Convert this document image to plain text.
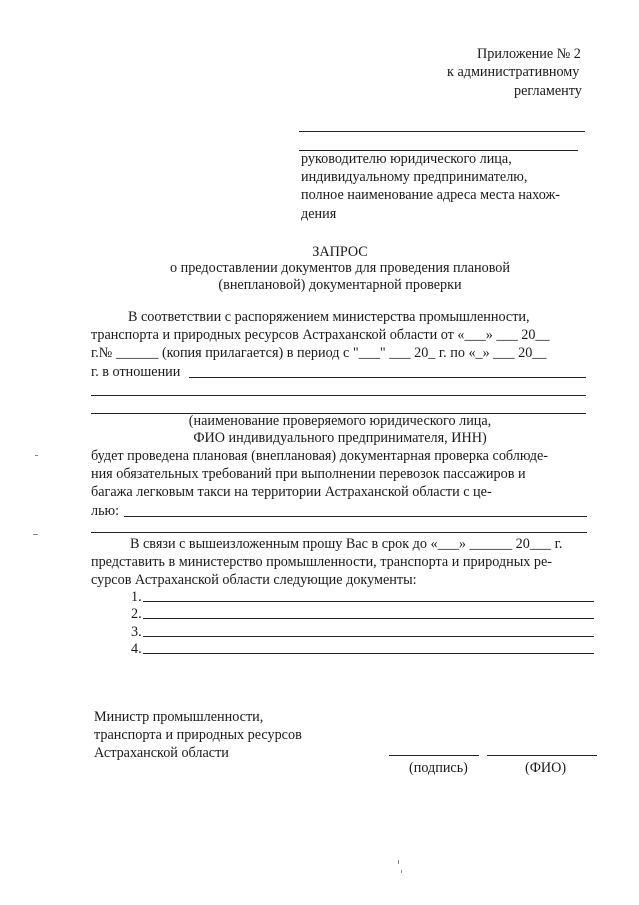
Приложение № 2
к административному
регламенту
руководителю юридического лица,
индивидуальному предпринимателю,
полное наименование адреса места нахож-
дения
ЗАПРОС
о предоставлении документов для проведения плановой
(внеплановой) документарной проверки
В соответствии с распоряжением министерства промышленности,
транспорта и природных ресурсов Астраханской области от «___» ___ 20__
г.№ ______ (копия прилагается) в период с "___" ___ 20_ г. по «_» ___ 20__
г. в отношении
(наименование проверяемого юридического лица,
ФИО индивидуального предпринимателя, ИНН)
будет проведена плановая (внеплановая) документарная проверка соблюде-
ния обязательных требований при выполнении перевозок пассажиров и
багажа легковым такси на территории Астраханской области с це-
лью:
В связи с вышеизложенным прошу Вас в срок до «___» ______ 20___ г.
представить в министерство промышленности, транспорта и природных ре-
сурсов Астраханской области следующие документы:
1.
2.
3.
4.
Министр промышленности,
транспорта и природных ресурсов
Астраханской области
(подпись)	(ФИО)
